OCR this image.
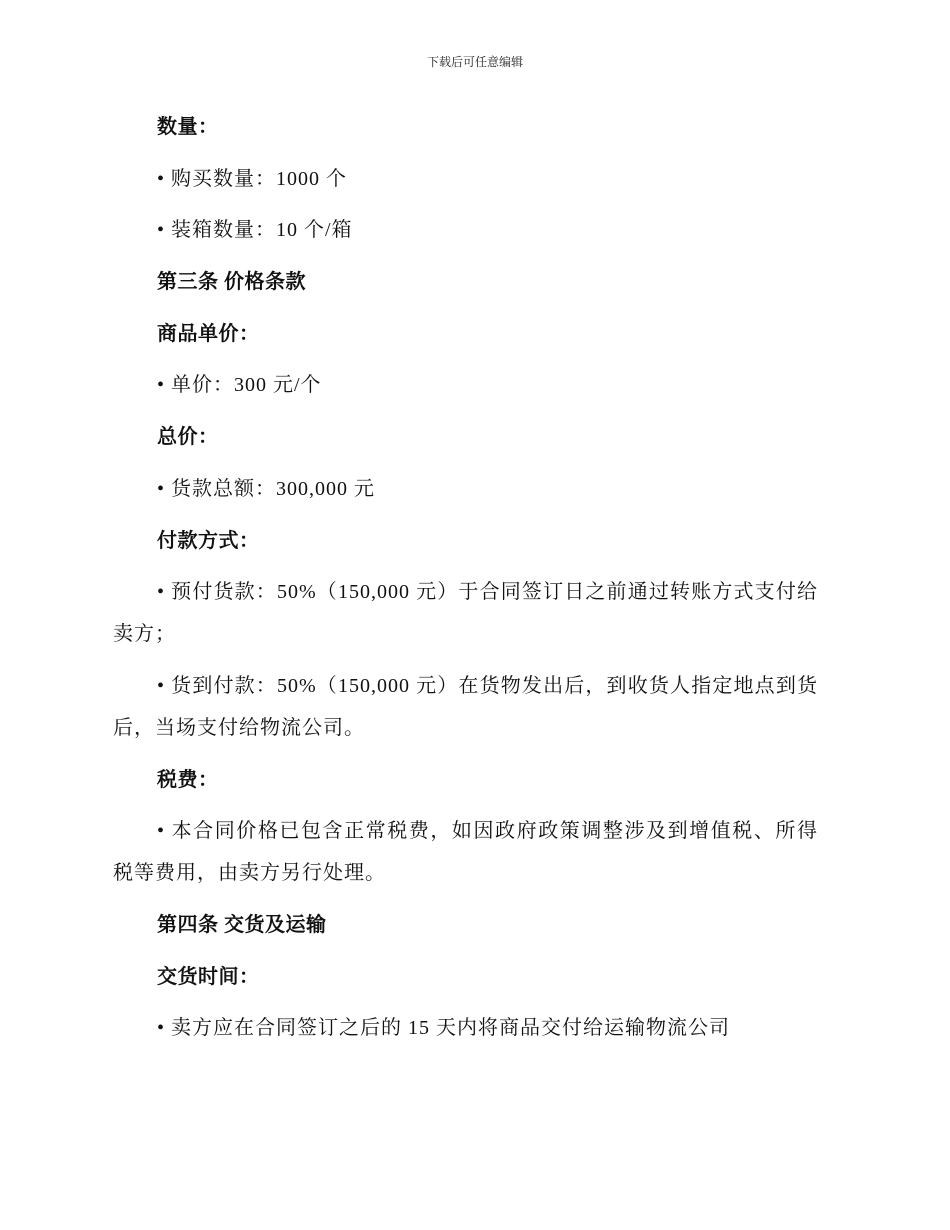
下载后可任意编辑
数量：
• 购买数量：1000 个
• 装箱数量：10 个/箱
第三条 价格条款
商品单价：
• 单价：300 元/个
总价：
• 货款总额：300,000 元
付款方式：
• 预付货款：50%（150,000 元）于合同签订日之前通过转账方式支付给
卖方；
• 货到付款：50%（150,000 元）在货物发出后，到收货人指定地点到货
后，当场支付给物流公司。
税费：
• 本合同价格已包含正常税费，如因政府政策调整涉及到增值税、所得
税等费用，由卖方另行处理。
第四条 交货及运输
交货时间：
• 卖方应在合同签订之后的 15 天内将商品交付给运输物流公司
